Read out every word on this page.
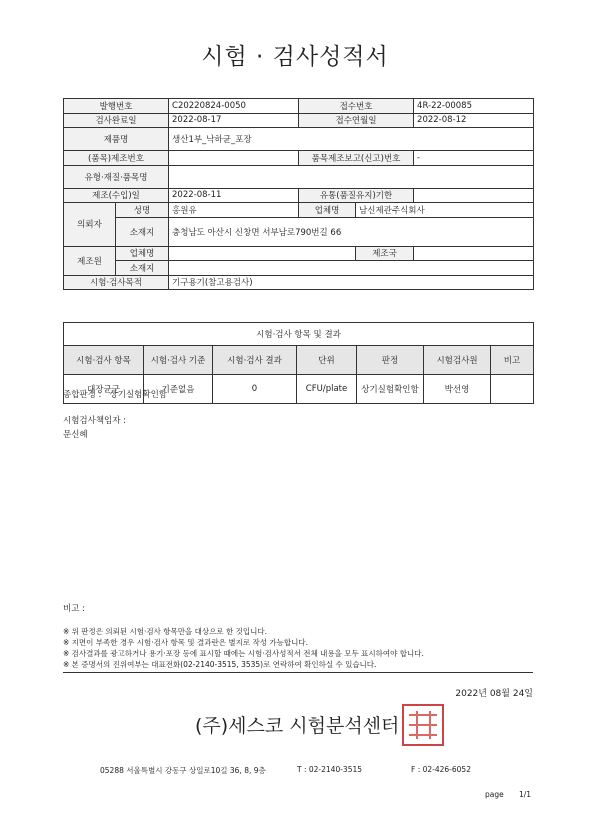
시험 · 검사성적서
발행번호		C20220824-0050	접수번호		4R-22-00085
검사완료일		2022-08-17	접수연월일		2022-08-12
제품명		생산1부_낙하균_포장			
(품목)제조번호			품목제조보고(신고)번호		-
유형·재질·품목명					
제조(수입)일		2022-08-11	유통(품질유지)기한		
의뢰자	성명	홍원유	업체명	남신제관주식회사	
	소재지	충청남도 아산시 신창면 서부남로790번길 66			
제조원	업체명			제조국	
	소재지				
시험·검사목적		기구용기(참고용검사)			
시험·검사 항목 및 결과						
시험·검사 항목	시험·검사 기준	시험·검사 결과	단위	판정	시험검사원	비고
대장균군	기준없음	0	CFU/plate	상기실험확인함	박선영	
종합판정 : 상기실험확인함
시험검사책임자 :
문신혜
비고 :
※ 위 판정은 의뢰된 시험·검사 항목만을 대상으로 한 것입니다.
※ 지면이 부족한 경우 시험·검사 항목 및 결과란은 별지로 작성 가능합니다.
※ 검사결과를 광고하거나 용기·포장 등에 표시할 때에는 시험·검사성적서 전체 내용을 모두 표시하여야 합니다.
※ 본 증명서의 진위여부는 대표전화(02-2140-3515, 3535)로 연락하여 확인하실 수 있습니다.
2022년 08월 24일
(주)세스코 시험분석센터
05288 서울특별시 강동구 상일로10길 36, 8, 9층	T : 02-2140-3515	F : 02-426-6052
page 1/1
